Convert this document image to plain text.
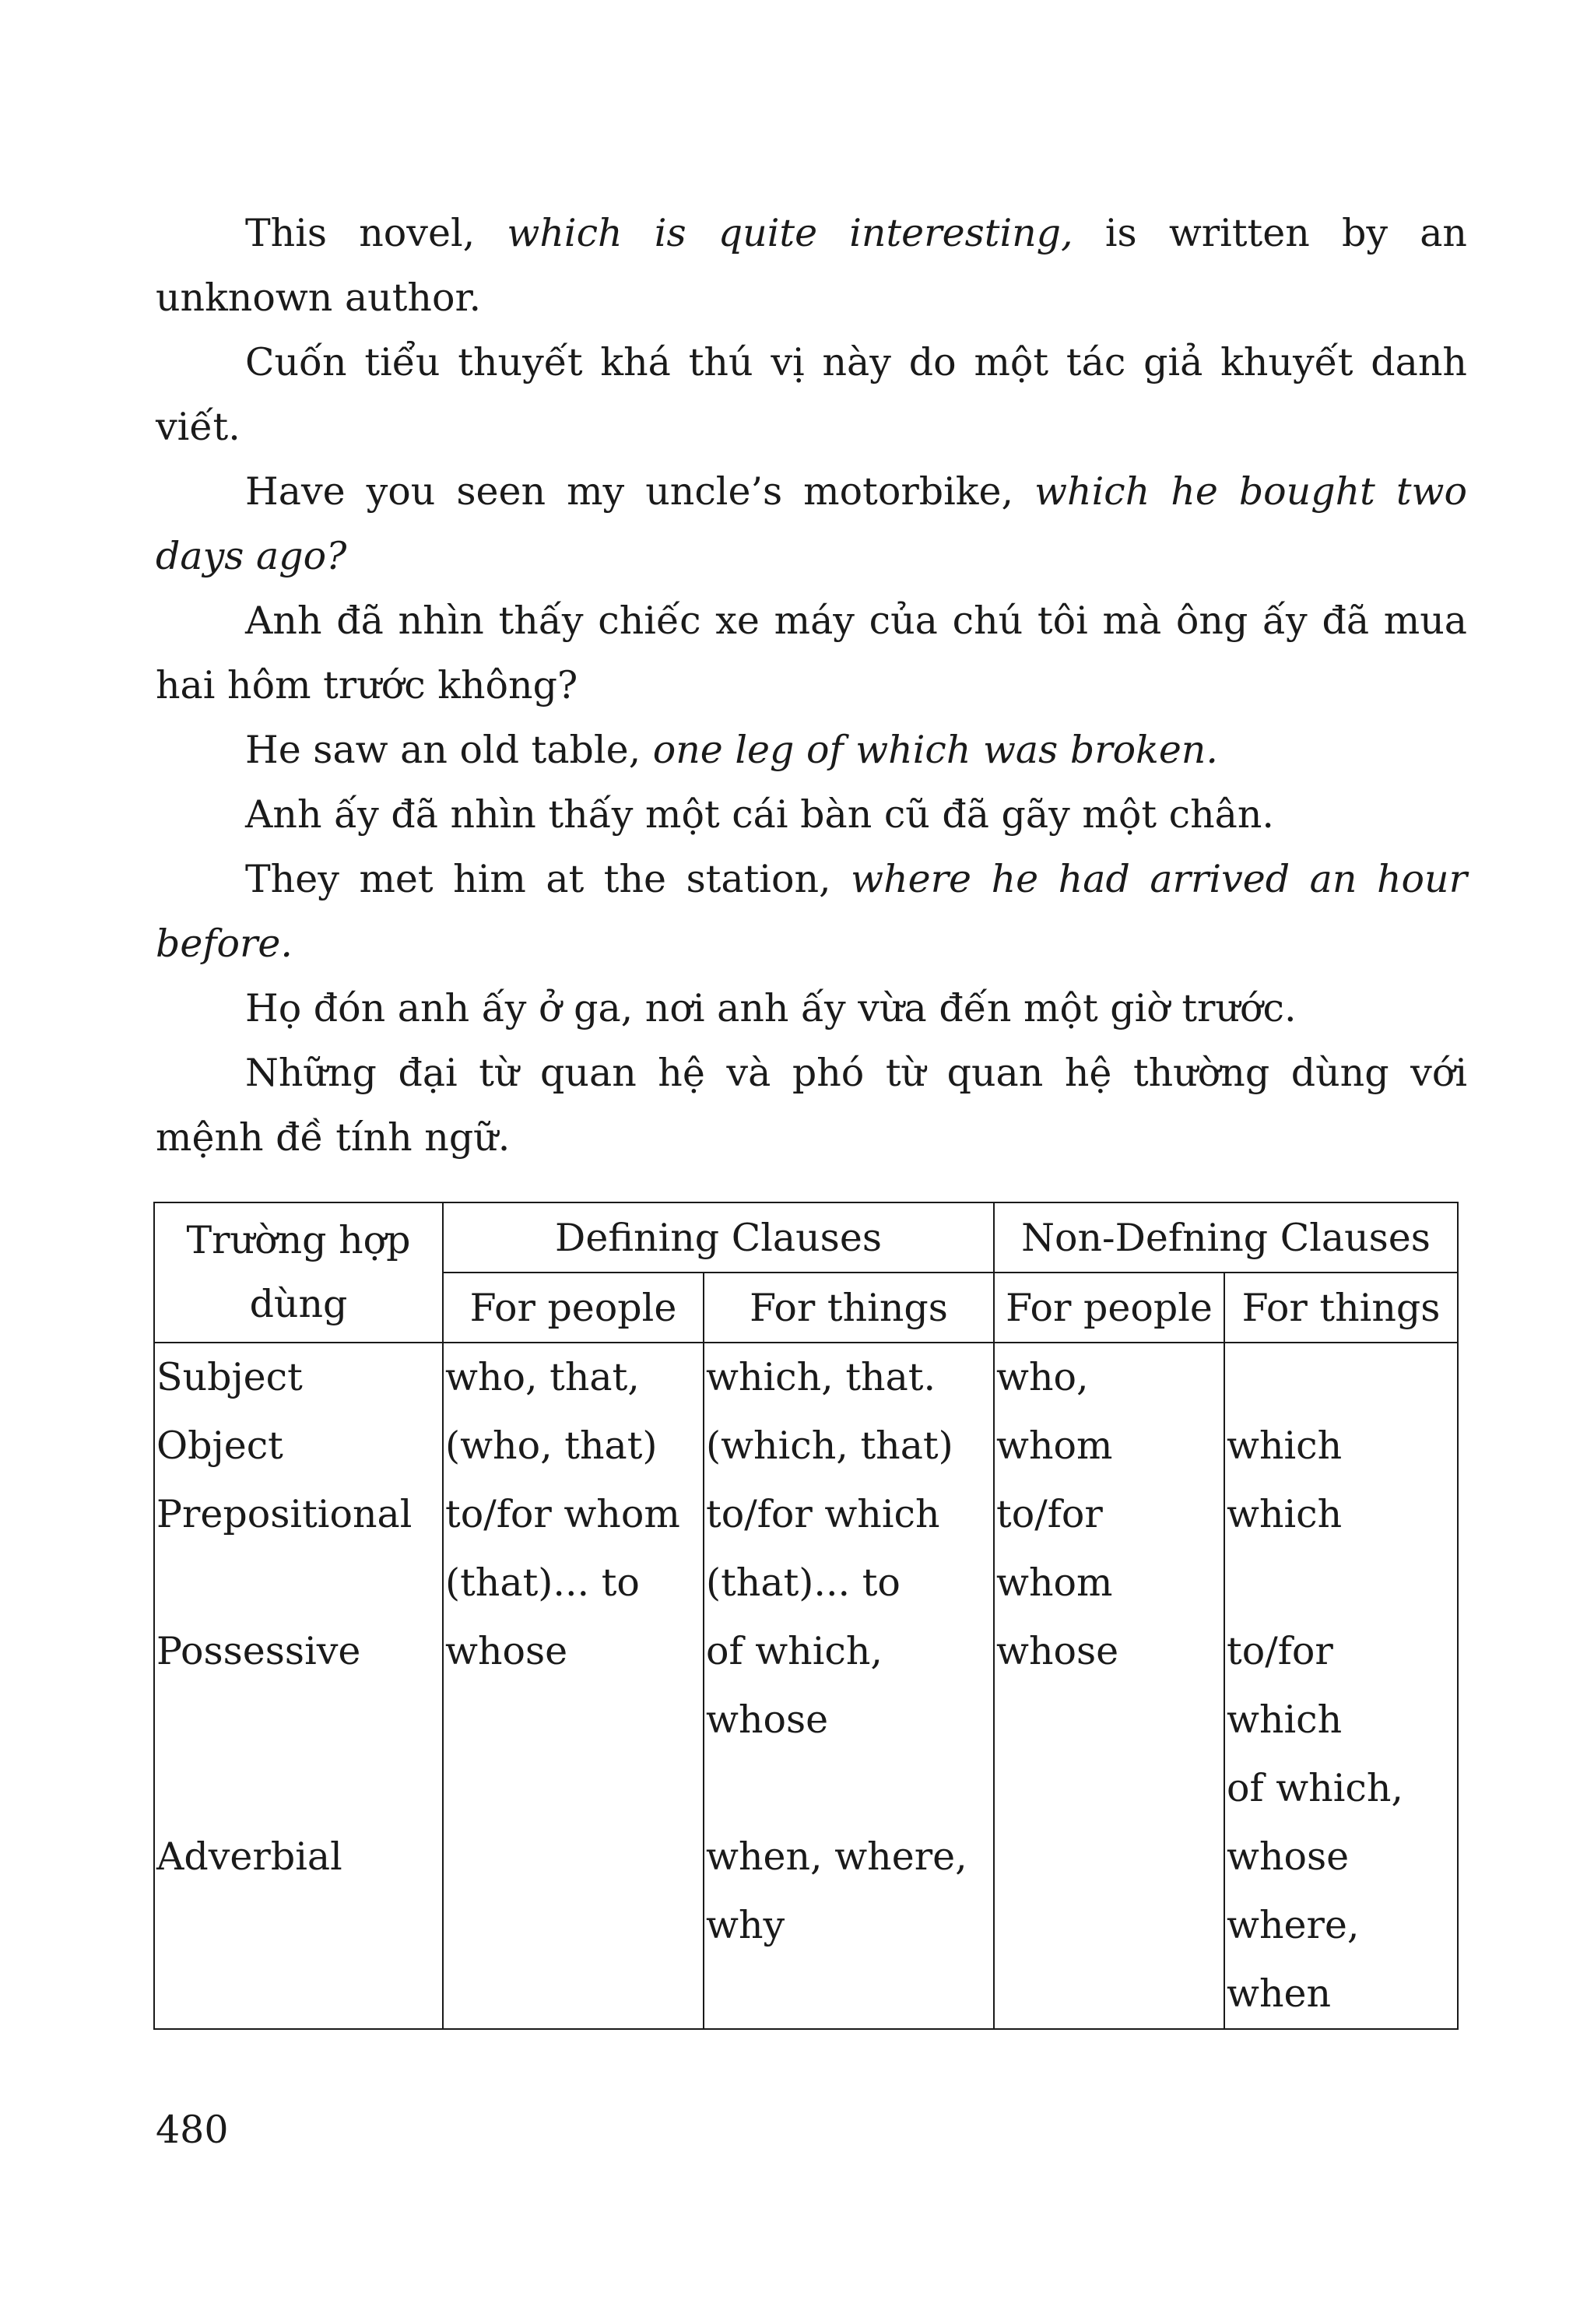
This novel, which is quite interesting, is written by an unknown author.

Cuốn tiểu thuyết khá thú vị này do một tác giả khuyết danh viết.

Have you seen my uncle’s motorbike, which he bought two days ago?

Anh đã nhìn thấy chiếc xe máy của chú tôi mà ông ấy đã mua hai hôm trước không?

He saw an old table, one leg of which was broken.

Anh ấy đã nhìn thấy một cái bàn cũ đã gãy một chân.

They met him at the station, where he had arrived an hour before.

Họ đón anh ấy ở ga, nơi anh ấy vừa đến một giờ trước.

Những đại từ quan hệ và phó từ quan hệ thường dùng với mệnh đề tính ngữ.

Trường hợp dùng	Defining Clauses		Non-Defning Clauses	
	For people	For things	For people	For things

Subject	who, that,	which, that.	who,	

Object	(who, that)	(which, that)	whom	which

Prepositional	to/for whom	to/for which	to/for	which

	(that)... to	(that)... to	whom	

Possessive	whose	of which,	whose	to/for

		whose		which

				of which,

Adverbial		when, where,		whose

		why		where,

				when
480
